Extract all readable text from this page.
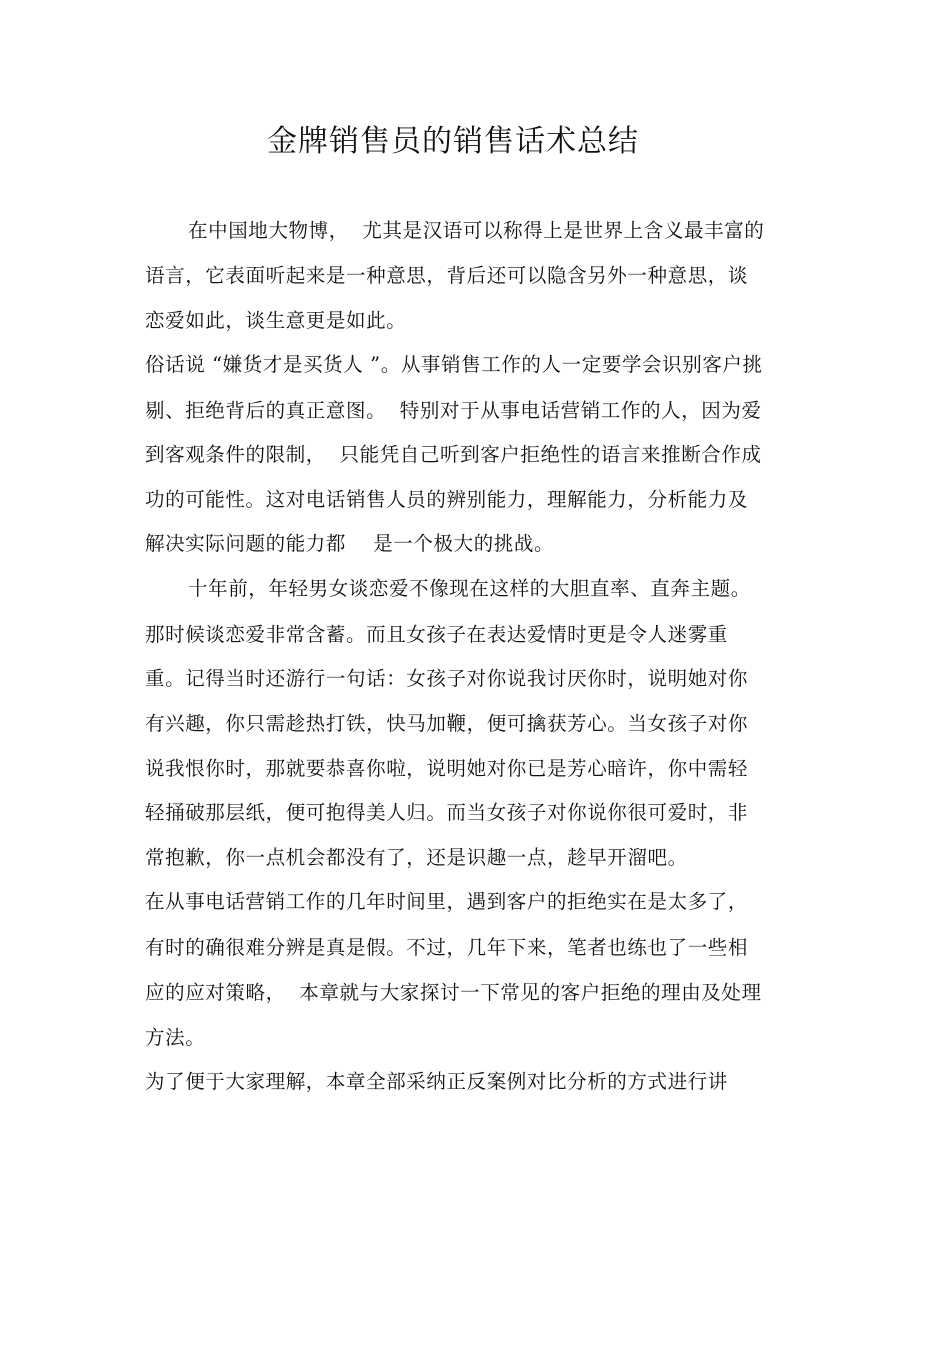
金牌销售员的销售话术总结
在中国地大物博，  尤其是汉语可以称得上是世界上含义最丰富的
语言，它表面听起来是一种意思，背后还可以隐含另外一种意思，谈
恋爱如此，谈生意更是如此。
俗话说 “嫌货才是买货人 ”。从事销售工作的人一定要学会识别客户挑
剔、拒绝背后的真正意图。  特别对于从事电话营销工作的人，因为爱
到客观条件的限制，  只能凭自己听到客户拒绝性的语言来推断合作成
功的可能性。这对电话销售人员的辨别能力，理解能力，分析能力及
解决实际问题的能力都    是一个极大的挑战。
十年前，年轻男女谈恋爱不像现在这样的大胆直率、直奔主题。
那时候谈恋爱非常含蓄。而且女孩子在表达爱情时更是令人迷雾重
重。记得当时还游行一句话：女孩子对你说我讨厌你时，说明她对你
有兴趣，你只需趁热打铁，快马加鞭，便可擒获芳心。当女孩子对你
说我恨你时，那就要恭喜你啦，说明她对你已是芳心暗许，你中需轻
轻捅破那层纸，便可抱得美人归。而当女孩子对你说你很可爱时，非
常抱歉，你一点机会都没有了，还是识趣一点，趁早开溜吧。
在从事电话营销工作的几年时间里，遇到客户的拒绝实在是太多了，
有时的确很难分辨是真是假。不过，几年下来，笔者也练也了一些相
应的应对策略，  本章就与大家探讨一下常见的客户拒绝的理由及处理
方法。
为了便于大家理解，本章全部采纳正反案例对比分析的方式进行讲
